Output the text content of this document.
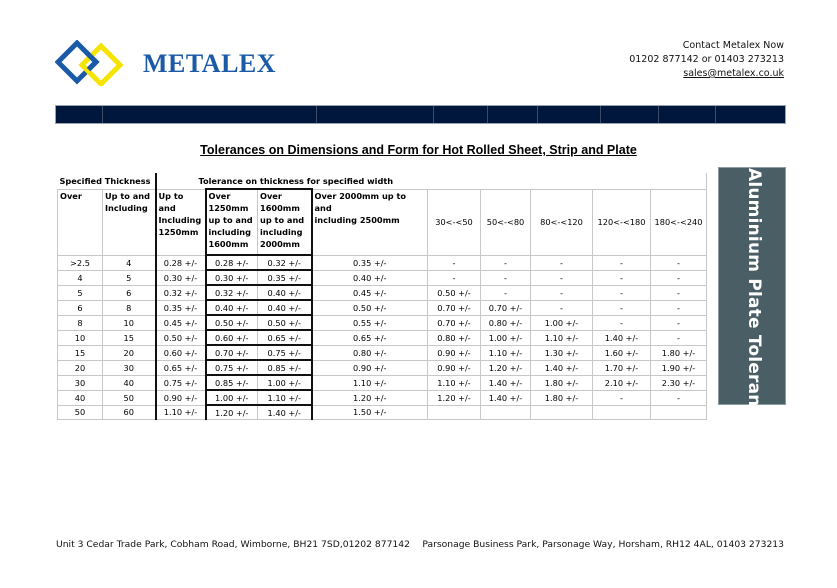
METALEX
Contact Metalex Now
01202 877142 or 01403 273213
sales@metalex.co.uk
Tolerances on Dimensions and Form for Hot Rolled Sheet, Strip and Plate
Specified Thickness		Tolerance on thickness for specified width								

Over	Up to and
Including

Up to
and
Including
1250mm

Over
1250mm
up to and
including
1600mm

Over
1600mm
up to and
including
2000mm

Over 2000mm up to and
including 2500mm	30<-<50	50<-<80	80<-<120	120<-<180	180<-<240
>2.5	4	0.28 +/-	0.28 +/-	0.32 +/-	0.35 +/-	-	-	-	-	-
4	5	0.30 +/-	0.30 +/-	0.35 +/-	0.40 +/-	-	-	-	-	-
5	6	0.32 +/-	0.32 +/-	0.40 +/-	0.45 +/-	0.50 +/-	-	-	-	-
6	8	0.35 +/-	0.40 +/-	0.40 +/-	0.50 +/-	0.70 +/-	0.70 +/-	-	-	-
8	10	0.45 +/-	0.50 +/-	0.50 +/-	0.55 +/-	0.70 +/-	0.80 +/-	1.00 +/-	-	-
10	15	0.50 +/-	0.60 +/-	0.65 +/-	0.65 +/-	0.80 +/-	1.00 +/-	1.10 +/-	1.40 +/-	-
15	20	0.60 +/-	0.70 +/-	0.75 +/-	0.80 +/-	0.90 +/-	1.10 +/-	1.30 +/-	1.60 +/-	1.80 +/-
20	30	0.65 +/-	0.75 +/-	0.85 +/-	0.90 +/-	0.90 +/-	1.20 +/-	1.40 +/-	1.70 +/-	1.90 +/-
30	40	0.75 +/-	0.85 +/-	1.00 +/-	1.10 +/-	1.10 +/-	1.40 +/-	1.80 +/-	2.10 +/-	2.30 +/-
40	50	0.90 +/-	1.00 +/-	1.10 +/-	1.20 +/-	1.20 +/-	1.40 +/-	1.80 +/-	-	-
50	60	1.10 +/-	1.20 +/-	1.40 +/-	1.50 +/-						Aluminium Plate Tolerances
Unit 3 Cedar Trade Park, Cobham Road, Wimborne, BH21 7SD,01202 877142 Parsonage Business Park, Parsonage Way, Horsham, RH12 4AL, 01403 273213
